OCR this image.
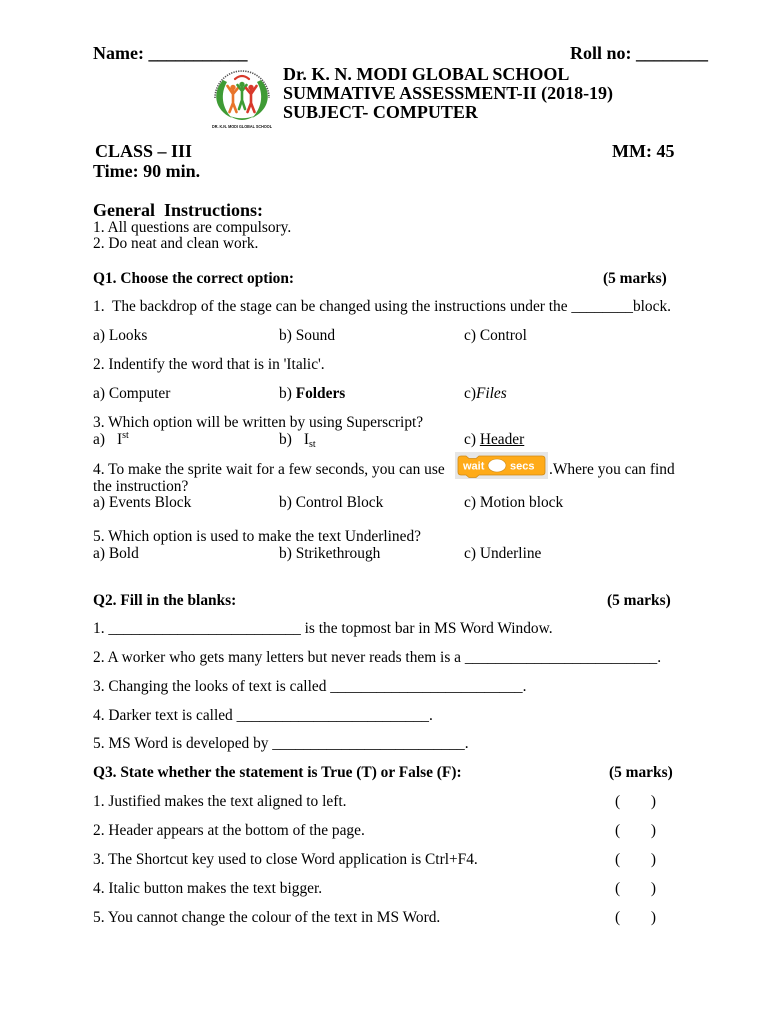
Name: ___________	Roll no: ________
DR. K.N. MODI GLOBAL SCHOOL
Dr. K. N. MODI GLOBAL SCHOOL
SUMMATIVE ASSESSMENT-II (2018-19)
SUBJECT- COMPUTER
CLASS – III	MM: 45
Time: 90 min.
General  Instructions:
1. All questions are compulsory.
2. Do neat and clean work.
Q1. Choose the correct option:	(5 marks)
1.  The backdrop of the stage can be changed using the instructions under the ________block.
a) Looks	b) Sound	c) Control
2. Indentify the word that is in 'Italic'.
a) Computer	b) Folders	c)Files
3. Which option will be written by using Superscript?
a) Ist	b) $I_{st}$	c) Header
4. To make the sprite wait for a few seconds, you can use wait secs .Where you can find
the instruction?
a) Events Block	b) Control Block	c) Motion block
5. Which option is used to make the text Underlined?
a) Bold	b) Strikethrough	c) Underline
Q2. Fill in the blanks:	(5 marks)
1. _________________________ is the topmost bar in MS Word Window.
2. A worker who gets many letters but never reads them is a _________________________.
3. Changing the looks of text is called _________________________.
4. Darker text is called _________________________.
5. MS Word is developed by _________________________.
Q3. State whether the statement is True (T) or False (F):	(5 marks)
1. Justified makes the text aligned to left.	(        )
2. Header appears at the bottom of the page.	(        )
3. The Shortcut key used to close Word application is Ctrl+F4.	(        )
4. Italic button makes the text bigger.	(        )
5. You cannot change the colour of the text in MS Word.	(        )
